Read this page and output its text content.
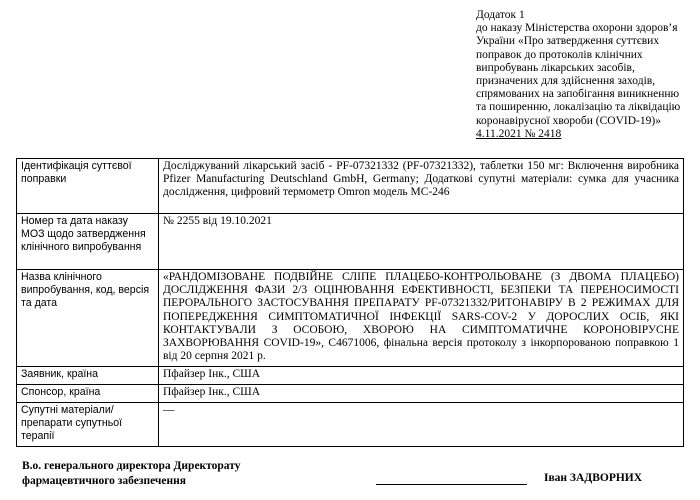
Додаток 1
до наказу Міністерства охорони здоров’я
України «Про затвердження суттєвих
поправок до протоколів клінічних
випробувань лікарських засобів,
призначених для здійснення заходів,
спрямованих на запобігання виникненню
та поширенню, локалізацію та ліквідацію
коронавірусної хвороби (COVID-19)»
4.11.2021 № 2418
Ідентифікація суттєвої поправки	Досліджуваний лікарський засіб - PF-07321332 (PF-07321332), таблетки 150 мг: Включення виробника Pfizer Manufacturing Deutschland GmbH, Germany; Додаткові супутні матеріали: сумка для учасника дослідження, цифровий термометр Omron модель МС-246
Номер та дата наказу МОЗ щодо затвердження клінічного випробування	№ 2255 від 19.10.2021
Назва клінічного випробування, код, версія та дата	«РАНДОМІЗОВАНЕ ПОДВІЙНЕ СЛІПЕ ПЛАЦЕБО-КОНТРОЛЬОВАНЕ (З ДВОМА ПЛАЦЕБО) ДОСЛІДЖЕННЯ ФАЗИ 2/3 ОЦІНЮВАННЯ ЕФЕКТИВНОСТІ, БЕЗПЕКИ ТА ПЕРЕНОСИМОСТІ ПЕРОРАЛЬНОГО ЗАСТОСУВАННЯ ПРЕПАРАТУ PF-07321332/РИТОНАВІРУ В 2 РЕЖИМАХ ДЛЯ ПОПЕРЕДЖЕННЯ СИМПТОМАТИЧНОЇ ІНФЕКЦІЇ SARS-COV-2 У ДОРОСЛИХ ОСІБ, ЯКІ КОНТАКТУВАЛИ З ОСОБОЮ, ХВОРОЮ НА СИМПТОМАТИЧНЕ КОРОНОВІРУСНЕ ЗАХВОРЮВАННЯ COVID-19», C4671006, фінальна версія протоколу з інкорпорованою поправкою 1 від 20 серпня 2021 р.
Заявник, країна	Пфайзер Інк., США
Спонсор, країна	Пфайзер Інк., США
Супутні матеріали/препарати супутньої терапії	—
В.о. генерального директора Директорату
фармацевтичного забезпечення	Іван ЗАДВОРНИХ
